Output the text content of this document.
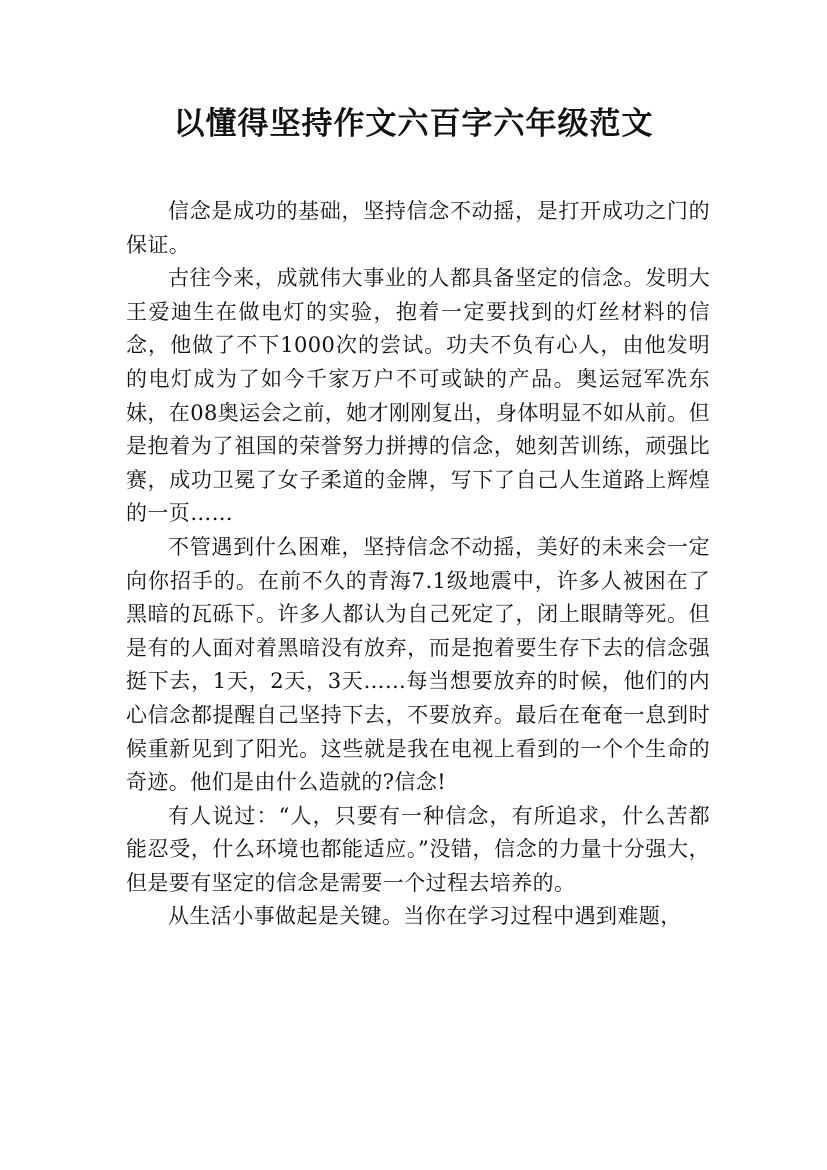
以懂得坚持作文六百字六年级范文

信念是成功的基础，坚持信念不动摇，是打开成功之门的保证。

古往今来，成就伟大事业的人都具备坚定的信念。发明大王爱迪生在做电灯的实验，抱着一定要找到的灯丝材料的信念，他做了不下1000次的尝试。功夫不负有心人，由他发明的电灯成为了如今千家万户不可或缺的产品。奥运冠军冼东妹，在08奥运会之前，她才刚刚复出，身体明显不如从前。但是抱着为了祖国的荣誉努力拼搏的信念，她刻苦训练，顽强比赛，成功卫冕了女子柔道的金牌，写下了自己人生道路上辉煌的一页……

不管遇到什么困难，坚持信念不动摇，美好的未来会一定向你招手的。在前不久的青海7.1级地震中，许多人被困在了黑暗的瓦砾下。许多人都认为自己死定了，闭上眼睛等死。但是有的人面对着黑暗没有放弃，而是抱着要生存下去的信念强挺下去，1天，2天，3天……每当想要放弃的时候，他们的内心信念都提醒自己坚持下去，不要放弃。最后在奄奄一息到时候重新见到了阳光。这些就是我在电视上看到的一个个生命的奇迹。他们是由什么造就的?信念!

有人说过：“人，只要有一种信念，有所追求，什么苦都能忍受，什么环境也都能适应。”没错，信念的力量十分强大，但是要有坚定的信念是需要一个过程去培养的。

从生活小事做起是关键。当你在学习过程中遇到难题，
